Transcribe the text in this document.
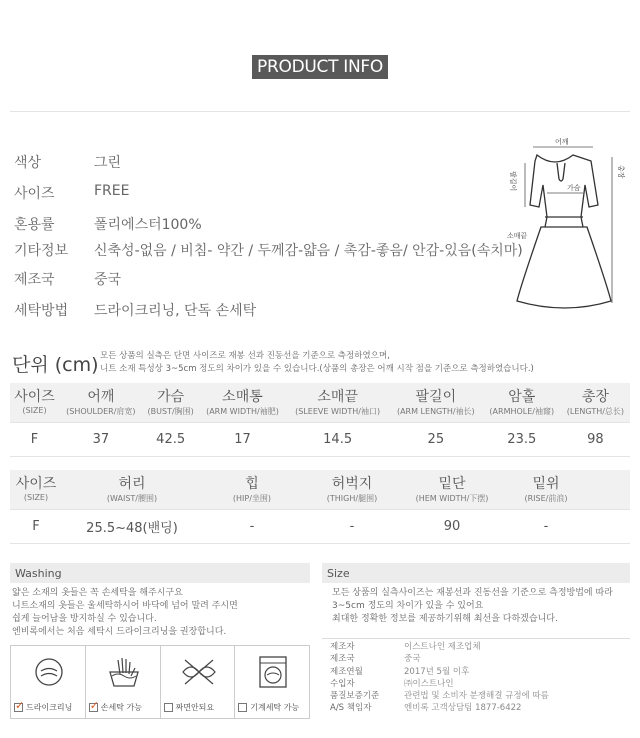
PRODUCT INFO
색상	그린
사이즈	FREE
혼용률	폴리에스터100%
기타정보	신축성-없음 / 비침- 약간 / 두께감-얇음 / 촉감-좋음/ 안감-있음(속치마)
제조국	중국
세탁방법	드라이크리닝, 단독 손세탁
어깨
가슴
소매끝
총장
팔길이
단위 (cm) 모든 상품의 실측은 단면 사이즈로 재봉 선과 진동선을 기준으로 측정하였으며,
니트 소재 특성상 3~5cm 정도의 차이가 있을 수 있습니다.(상품의 총장은 어깨 시작 점을 기준으로 측정하였습니다.)
사이즈	어깨	가슴	소매통	소매끝	팔길이	암홀	총장
(SIZE)	(SHOULDER/肩宽)	(BUST/胸围)	(ARM WIDTH/袖肥)	(SLEEVE WIDTH/袖口)	(ARM LENGTH/袖长)	(ARMHOLE/袖窿)	(LENGTH/总长)
F	37	42.5	17	14.5	25	23.5	98
사이즈	허리	힙	허벅지	밑단	밑위	
(SIZE)	(WAIST/腰围)	(HIP/坐围)	(THIGH/腿围)	(HEM WIDTH/下摆)	(RISE/前浪)	
F	25.5~48(밴딩)	-	-	90	-	
Washing	Size
얇은 소재의 옷들은 꼭 손세탁을 해주시구요
니트소재의 옷들은 울세탁하시어 바닥에 넘어 말려 주시면
쉽게 늘어남을 방지하실 수 있습니다.
엔비록에서는 처음 세탁시 드라이크리닝을 권장합니다.
모든 상품의 실측사이즈는 재봉선과 진동선을 기준으로 측정방법에 따라
3~5cm 정도의 차이가 있을 수 있어요
최대한 정확한 정보를 제공하기위해 최선을 다하겠습니다.
✓
드라이크리닝 ✓	손세탁 가능	짜면안되요	기계세탁 가능
제조자	이스트나인 제조업체
제조국	중국
제조연월	2017년 5월 이후
수입자	㈜이스트나인
품질보증기준	관련법 및 소비자 분쟁해결 규정에 따름
A/S 책임자	엔비록 고객상담팀 1877-6422
